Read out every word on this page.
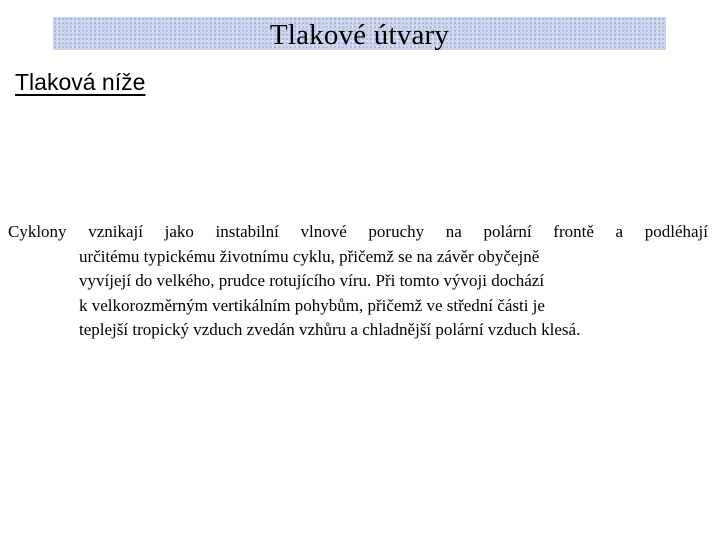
Tlakové útvary
Tlaková níže
Cyklony vznikají jako instabilní vlnové poruchy na polární frontě a podléhají
určitému typickému životnímu cyklu, přičemž se na závěr obyčejně
vyvíjejí do velkého, prudce rotujícího víru. Při tomto vývoji dochází
k velkorozměrným vertikálním pohybům, přičemž ve střední části je
teplejší tropický vzduch zvedán vzhůru a chladnější polární vzduch klesá.
